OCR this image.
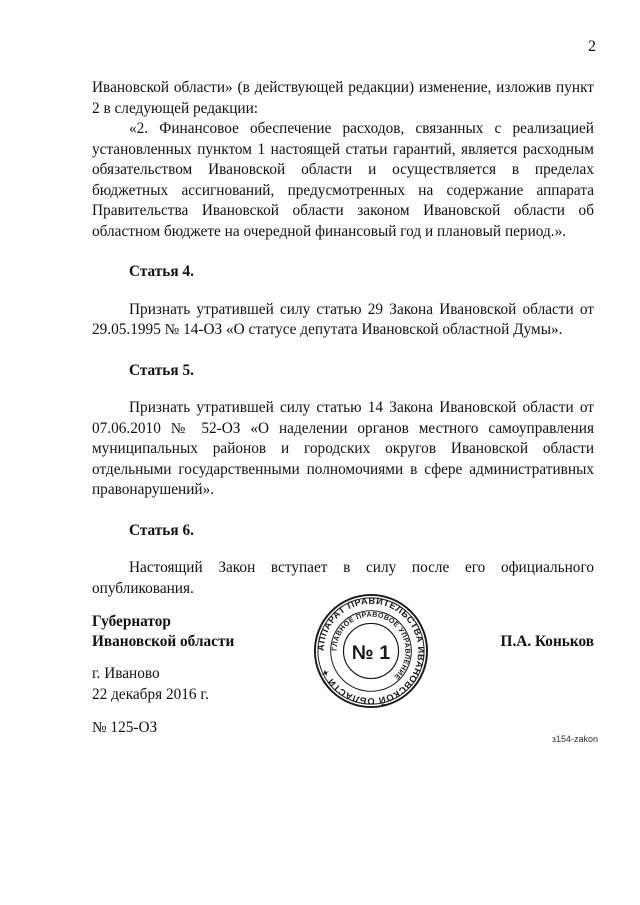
2

Ивановской области» (в действующей редакции) изменение, изложив пункт 2 в следующей редакции:

«2. Финансовое обеспечение расходов, связанных с реализацией установленных пунктом 1 настоящей статьи гарантий, является расходным обязательством Ивановской области и осуществляется в пределах бюджетных ассигнований, предусмотренных на содержание аппарата Правительства Ивановской области законом Ивановской области об областном бюджете на очередной финансовый год и плановый период.».

Статья 4.

Признать утратившей силу статью 29 Закона Ивановской области от 29.05.1995 № 14-ОЗ «О статусе депутата Ивановской областной Думы».

Статья 5.

Признать утратившей силу статью 14 Закона Ивановской области от 07.06.2010 № 52-ОЗ «О наделении органов местного самоуправления муниципальных районов и городских округов Ивановской области отдельными государственными полномочиями в сфере административных правонарушений».

Статья 6.

Настоящий Закон вступает в силу после его официального опубликования.

Губернатор
Ивановской области	П.А. Коньков
АППАРАТ ПРАВИТЕЛЬСТВА ИВАНОВСКОЙ ОБЛАСТИ ✦
ГЛАВНОЕ ПРАВОВОЕ УПРАВЛЕНИЕ
№ 1
г. Иваново
22 декабря 2016 г.
№ 125-ОЗ
з154-zakon
